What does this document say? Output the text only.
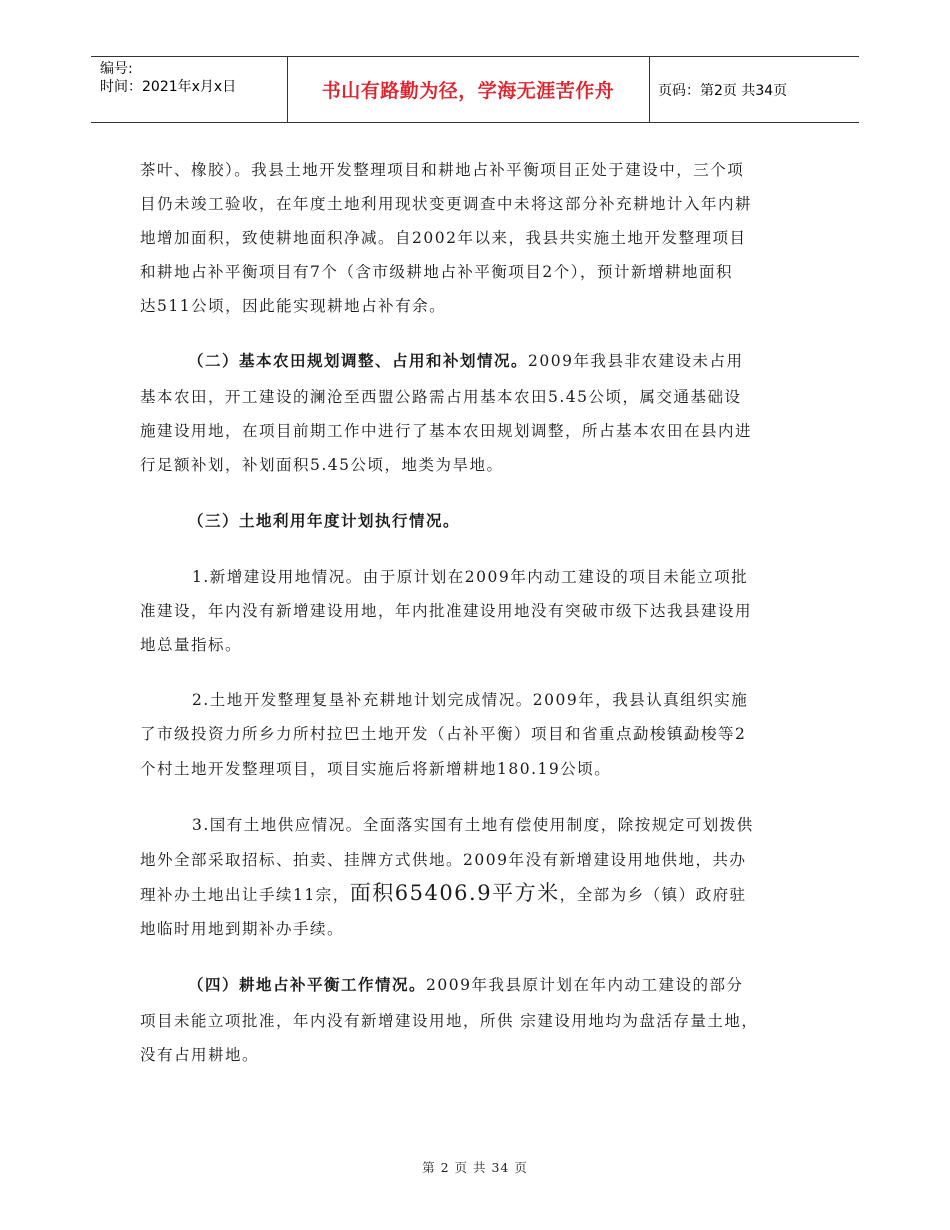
编号:
时间：2021年x月x日	书山有路勤为径，学海无涯苦作舟	页码：第2页 共34页
茶叶、橡胶）。我县土地开发整理项目和耕地占补平衡项目正处于建设中，三个项
目仍未竣工验收，在年度土地利用现状变更调查中未将这部分补充耕地计入年内耕
地增加面积，致使耕地面积净减。自2002年以来，我县共实施土地开发整理项目
和耕地占补平衡项目有7个（含市级耕地占补平衡项目2个），预计新增耕地面积
达511公顷，因此能实现耕地占补有余。
（二）基本农田规划调整、占用和补划情况。2009年我县非农建设未占用
基本农田，开工建设的澜沧至西盟公路需占用基本农田5.45公顷，属交通基础设
施建设用地，在项目前期工作中进行了基本农田规划调整，所占基本农田在县内进
行足额补划，补划面积5.45公顷，地类为旱地。
（三）土地利用年度计划执行情况。
1.新增建设用地情况。由于原计划在2009年内动工建设的项目未能立项批
准建设，年内没有新增建设用地，年内批准建设用地没有突破市级下达我县建设用
地总量指标。
2.土地开发整理复垦补充耕地计划完成情况。2009年，我县认真组织实施
了市级投资力所乡力所村拉巴土地开发（占补平衡）项目和省重点勐梭镇勐梭等2
个村土地开发整理项目，项目实施后将新增耕地180.19公顷。
3.国有土地供应情况。全面落实国有土地有偿使用制度，除按规定可划拨供
地外全部采取招标、拍卖、挂牌方式供地。2009年没有新增建设用地供地，共办
理补办土地出让手续11宗，面积65406.9平方米，全部为乡（镇）政府驻
地临时用地到期补办手续。
（四）耕地占补平衡工作情况。2009年我县原计划在年内动工建设的部分
项目未能立项批准，年内没有新增建设用地，所供 宗建设用地均为盘活存量土地，
没有占用耕地。
第 2 页 共 34 页
